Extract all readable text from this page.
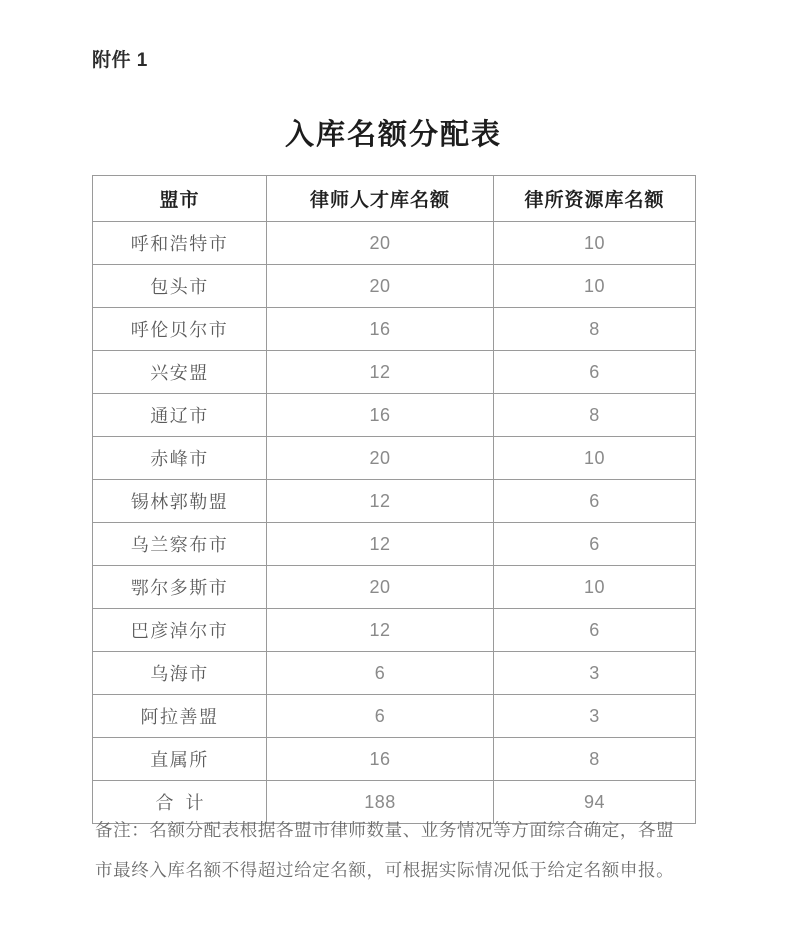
附件 1
入库名额分配表
盟市	律师人才库名额	律所资源库名额
呼和浩特市	20	10
包头市	20	10
呼伦贝尔市	16	8
兴安盟	12	6
通辽市	16	8
赤峰市	20	10
锡林郭勒盟	12	6
乌兰察布市	12	6
鄂尔多斯市	20	10
巴彦淖尔市	12	6
乌海市	6	3
阿拉善盟	6	3
直属所	16	8
合计	188	94
备注：名额分配表根据各盟市律师数量、业务情况等方面综合确定，各盟
市最终入库名额不得超过给定名额，可根据实际情况低于给定名额申报。
